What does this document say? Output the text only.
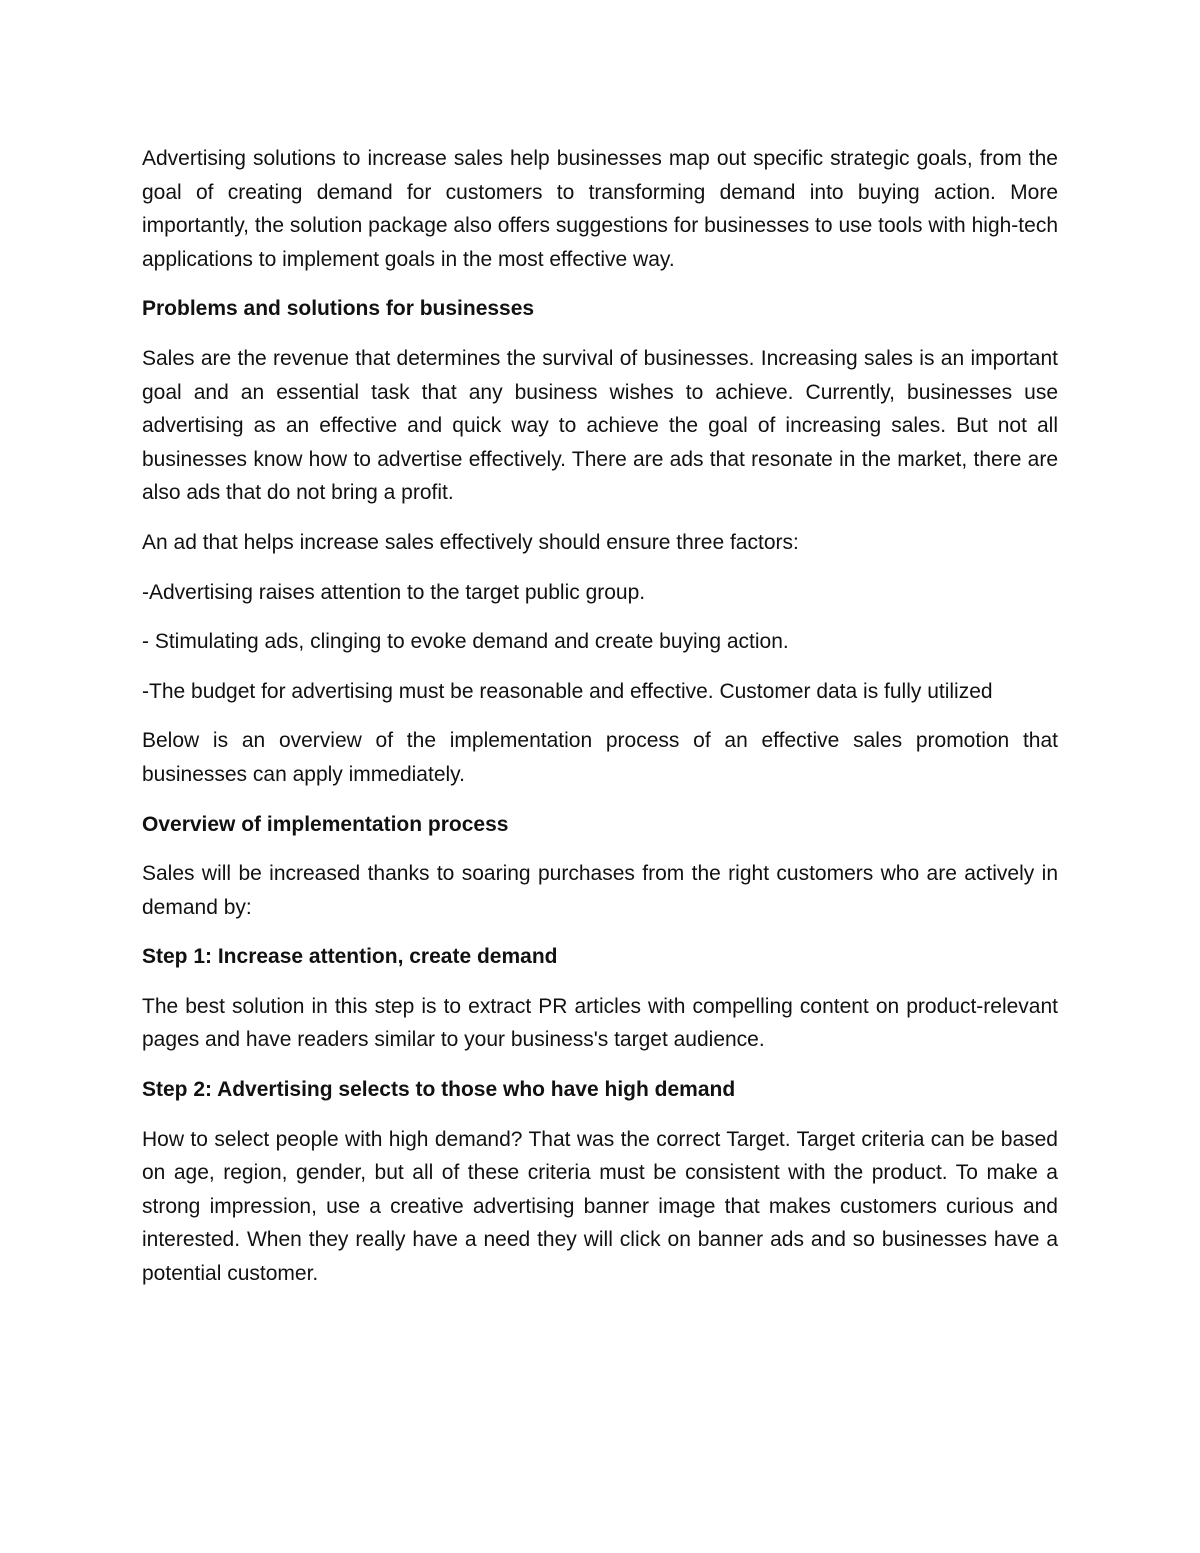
Advertising solutions to increase sales help businesses map out specific strategic goals, from the goal of creating demand for customers to transforming demand into buying action. More importantly, the solution package also offers suggestions for businesses to use tools with high-tech applications to implement goals in the most effective way.

Problems and solutions for businesses

Sales are the revenue that determines the survival of businesses. Increasing sales is an important goal and an essential task that any business wishes to achieve. Currently, businesses use advertising as an effective and quick way to achieve the goal of increasing sales. But not all businesses know how to advertise effectively. There are ads that resonate in the market, there are also ads that do not bring a profit.

An ad that helps increase sales effectively should ensure three factors:

-Advertising raises attention to the target public group.

- Stimulating ads, clinging to evoke demand and create buying action.

-The budget for advertising must be reasonable and effective. Customer data is fully utilized

Below is an overview of the implementation process of an effective sales promotion that businesses can apply immediately.

Overview of implementation process

Sales will be increased thanks to soaring purchases from the right customers who are actively in demand by:

Step 1: Increase attention, create demand

The best solution in this step is to extract PR articles with compelling content on product-relevant pages and have readers similar to your business's target audience.

Step 2: Advertising selects to those who have high demand

How to select people with high demand? That was the correct Target. Target criteria can be based on age, region, gender, but all of these criteria must be consistent with the product. To make a strong impression, use a creative advertising banner image that makes customers curious and interested. When they really have a need they will click on banner ads and so businesses have a potential customer.
